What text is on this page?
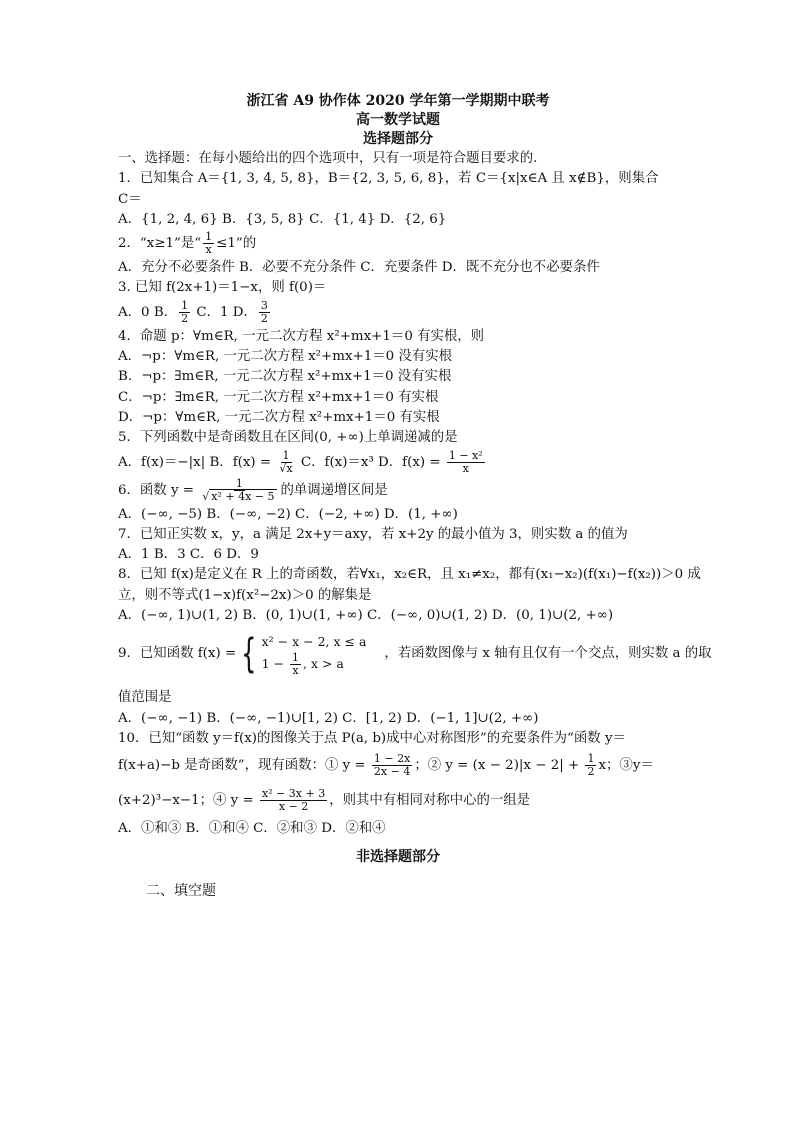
浙江省 A9 协作体 2020 学年第一学期期中联考
高一数学试题
选择题部分
一、选择题：在每小题给出的四个选项中，只有一项是符合题目要求的.
1．已知集合 A＝{1, 3, 4, 5, 8}，B＝{2, 3, 5, 6, 8}，若 C＝{x|x∈A 且 x∉B}，则集合
C＝
A．{1, 2, 4, 6} B．{3, 5, 8} C．{1, 4} D．{2, 6}
2．“x≥1”是“ $\frac{1}{x} \le 1$”的
A．充分不必要条件 B．必要不充分条件 C．充要条件 D．既不充分也不必要条件
3. 已知 f(2x+1)＝1−x，则 f(0)＝
A．0 B． $\frac{1}{2}$ C．1 D． $\frac{3}{2}$
4．命题 p：∀m∈R, 一元二次方程 x²+mx+1＝0 有实根，则
A．¬p：∀m∈R, 一元二次方程 x²+mx+1＝0 没有实根
B．¬p：∃m∈R, 一元二次方程 x²+mx+1＝0 没有实根
C．¬p：∃m∈R, 一元二次方程 x²+mx+1＝0 有实根
D．¬p：∀m∈R, 一元二次方程 x²+mx+1＝0 有实根
5．下列函数中是奇函数且在区间(0, +∞)上单调递减的是
A．f(x)＝−|x| B．$f(x) = \frac{1}{√x}$ C．f(x)＝x³ D．$f(x) = \frac{\text{1 − x²}}{x}$
6．函数 $y = \frac{1}{\text{√ x² + 4x − 5}}$ 的单调递增区间是
A．(−∞, −5) B．(−∞, −2) C．(−2, +∞) D．(1, +∞)
7．已知正实数 x，y，a 满足 2x+y＝axy，若 x+2y 的最小值为 3，则实数 a 的值为
A．1 B．3 C．6 D．9
8．已知 f(x)是定义在 R 上的奇函数，若∀x₁，x₂∈R，且 x₁≠x₂，都有(x₁−x₂)(f(x₁)−f(x₂))＞0 成
立，则不等式(1−x)f(x²−2x)＞0 的解集是
A．(−∞, 1)∪(1, 2) B．(0, 1)∪(1, +∞) C．(−∞, 0)∪(1, 2) D．(0, 1)∪(2, +∞)
9．已知函数 f(x) = { x² − x − 2, x ≤ a
$1 - \frac{1}{x}$ , x > a
，若函数图像与 x 轴有且仅有一个交点，则实数 a 的取
值范围是
A．(−∞, −1) B．(−∞, −1)∪[1, 2) C．[1, 2) D．(−1, 1]∪(2, +∞)
10．已知“函数 y＝f(x)的图像关于点 P(a, b)成中心对称图形”的充要条件为“函数 y＝
f(x+a)−b 是奇函数”，现有函数：① $y = \frac{1 - 2x}{2x - 4}$ ；② $y = (x - 2)|x - 2| + \frac{1}{2}$ x；③y＝
(x+2)³−x−1；④ $y = \frac{\text{x² − 3x + 3}}{x - 2}$ ，则其中有相同对称中心的一组是
A．①和③ B．①和④ C．②和③ D．②和④
非选择题部分
二、填空题
